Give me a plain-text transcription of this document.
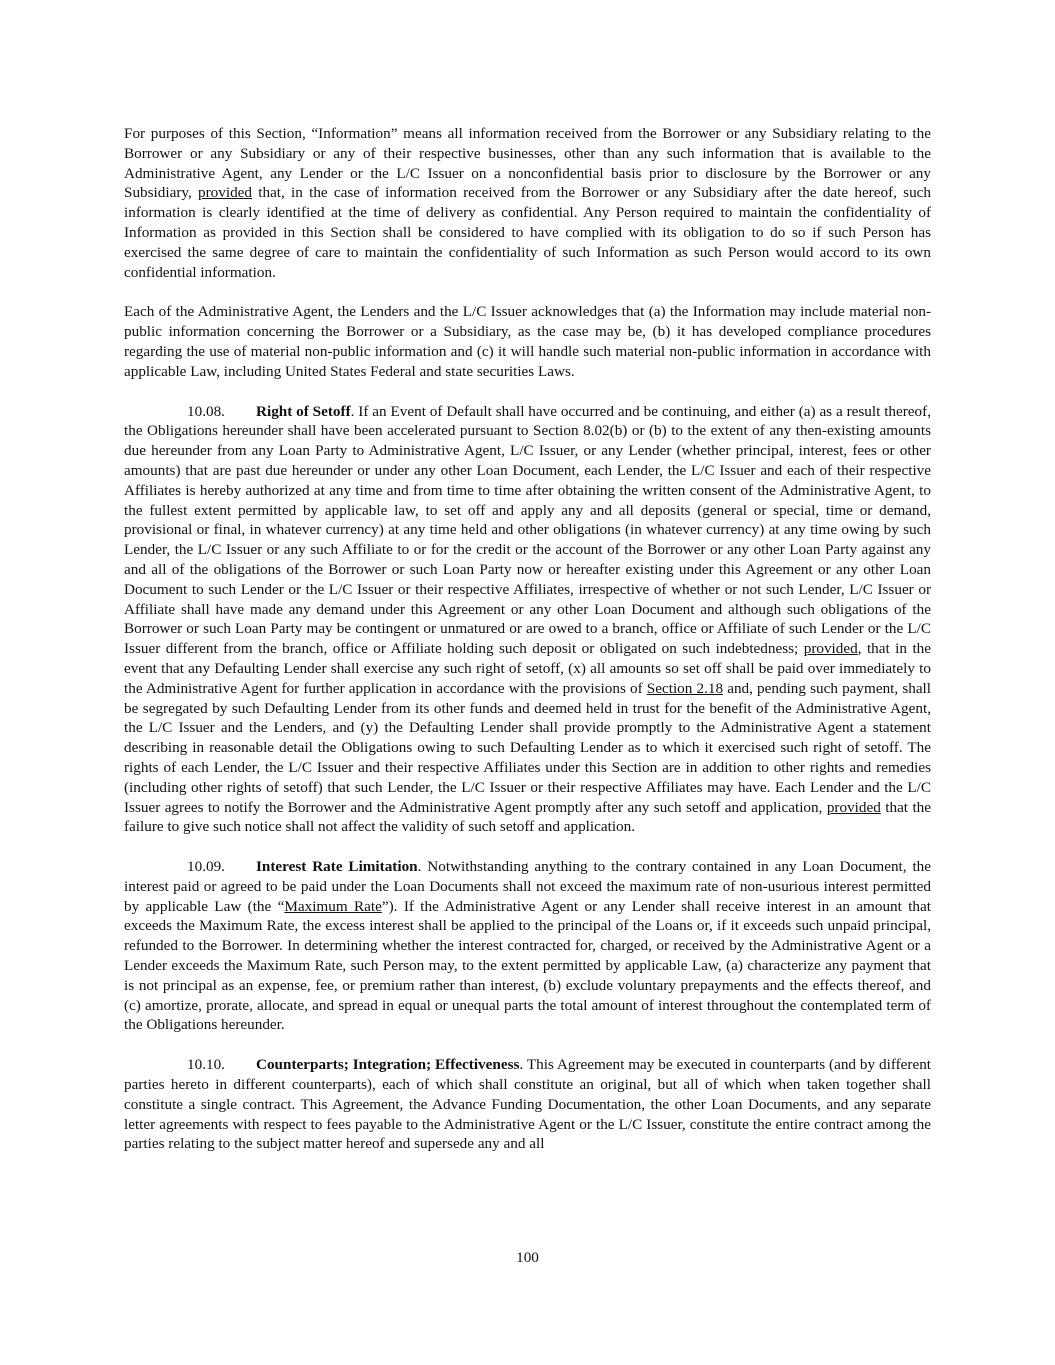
For purposes of this Section, “Information” means all information received from the Borrower or any Subsidiary relating to the Borrower or any Subsidiary or any of their respective businesses, other than any such information that is available to the Administrative Agent, any Lender or the L/C Issuer on a nonconfidential basis prior to disclosure by the Borrower or any Subsidiary, provided that, in the case of information received from the Borrower or any Subsidiary after the date hereof, such information is clearly identified at the time of delivery as confidential. Any Person required to maintain the confidentiality of Information as provided in this Section shall be considered to have complied with its obligation to do so if such Person has exercised the same degree of care to maintain the confidentiality of such Information as such Person would accord to its own confidential information.

Each of the Administrative Agent, the Lenders and the L/C Issuer acknowledges that (a) the Information may include material non-public information concerning the Borrower or a Subsidiary, as the case may be, (b) it has developed compliance procedures regarding the use of material non-public information and (c) it will handle such material non-public information in accordance with applicable Law, including United States Federal and state securities Laws.

10.08. Right of Setoff. If an Event of Default shall have occurred and be continuing, and either (a) as a result thereof, the Obligations hereunder shall have been accelerated pursuant to Section 8.02(b) or (b) to the extent of any then-existing amounts due hereunder from any Loan Party to Administrative Agent, L/C Issuer, or any Lender (whether principal, interest, fees or other amounts) that are past due hereunder or under any other Loan Document, each Lender, the L/C Issuer and each of their respective Affiliates is hereby authorized at any time and from time to time after obtaining the written consent of the Administrative Agent, to the fullest extent permitted by applicable law, to set off and apply any and all deposits (general or special, time or demand, provisional or final, in whatever currency) at any time held and other obligations (in whatever currency) at any time owing by such Lender, the L/C Issuer or any such Affiliate to or for the credit or the account of the Borrower or any other Loan Party against any and all of the obligations of the Borrower or such Loan Party now or hereafter existing under this Agreement or any other Loan Document to such Lender or the L/C Issuer or their respective Affiliates, irrespective of whether or not such Lender, L/C Issuer or Affiliate shall have made any demand under this Agreement or any other Loan Document and although such obligations of the Borrower or such Loan Party may be contingent or unmatured or are owed to a branch, office or Affiliate of such Lender or the L/C Issuer different from the branch, office or Affiliate holding such deposit or obligated on such indebtedness; provided, that in the event that any Defaulting Lender shall exercise any such right of setoff, (x) all amounts so set off shall be paid over immediately to the Administrative Agent for further application in accordance with the provisions of Section 2.18 and, pending such payment, shall be segregated by such Defaulting Lender from its other funds and deemed held in trust for the benefit of the Administrative Agent, the L/C Issuer and the Lenders, and (y) the Defaulting Lender shall provide promptly to the Administrative Agent a statement describing in reasonable detail the Obligations owing to such Defaulting Lender as to which it exercised such right of setoff. The rights of each Lender, the L/C Issuer and their respective Affiliates under this Section are in addition to other rights and remedies (including other rights of setoff) that such Lender, the L/C Issuer or their respective Affiliates may have. Each Lender and the L/C Issuer agrees to notify the Borrower and the Administrative Agent promptly after any such setoff and application, provided that the failure to give such notice shall not affect the validity of such setoff and application.

10.09. Interest Rate Limitation. Notwithstanding anything to the contrary contained in any Loan Document, the interest paid or agreed to be paid under the Loan Documents shall not exceed the maximum rate of non-usurious interest permitted by applicable Law (the “Maximum Rate”). If the Administrative Agent or any Lender shall receive interest in an amount that exceeds the Maximum Rate, the excess interest shall be applied to the principal of the Loans or, if it exceeds such unpaid principal, refunded to the Borrower. In determining whether the interest contracted for, charged, or received by the Administrative Agent or a Lender exceeds the Maximum Rate, such Person may, to the extent permitted by applicable Law, (a) characterize any payment that is not principal as an expense, fee, or premium rather than interest, (b) exclude voluntary prepayments and the effects thereof, and (c) amortize, prorate, allocate, and spread in equal or unequal parts the total amount of interest throughout the contemplated term of the Obligations hereunder.

10.10. Counterparts; Integration; Effectiveness. This Agreement may be executed in counterparts (and by different parties hereto in different counterparts), each of which shall constitute an original, but all of which when taken together shall constitute a single contract. This Agreement, the Advance Funding Documentation, the other Loan Documents, and any separate letter agreements with respect to fees payable to the Administrative Agent or the L/C Issuer, constitute the entire contract among the parties relating to the subject matter hereof and supersede any and all

100
